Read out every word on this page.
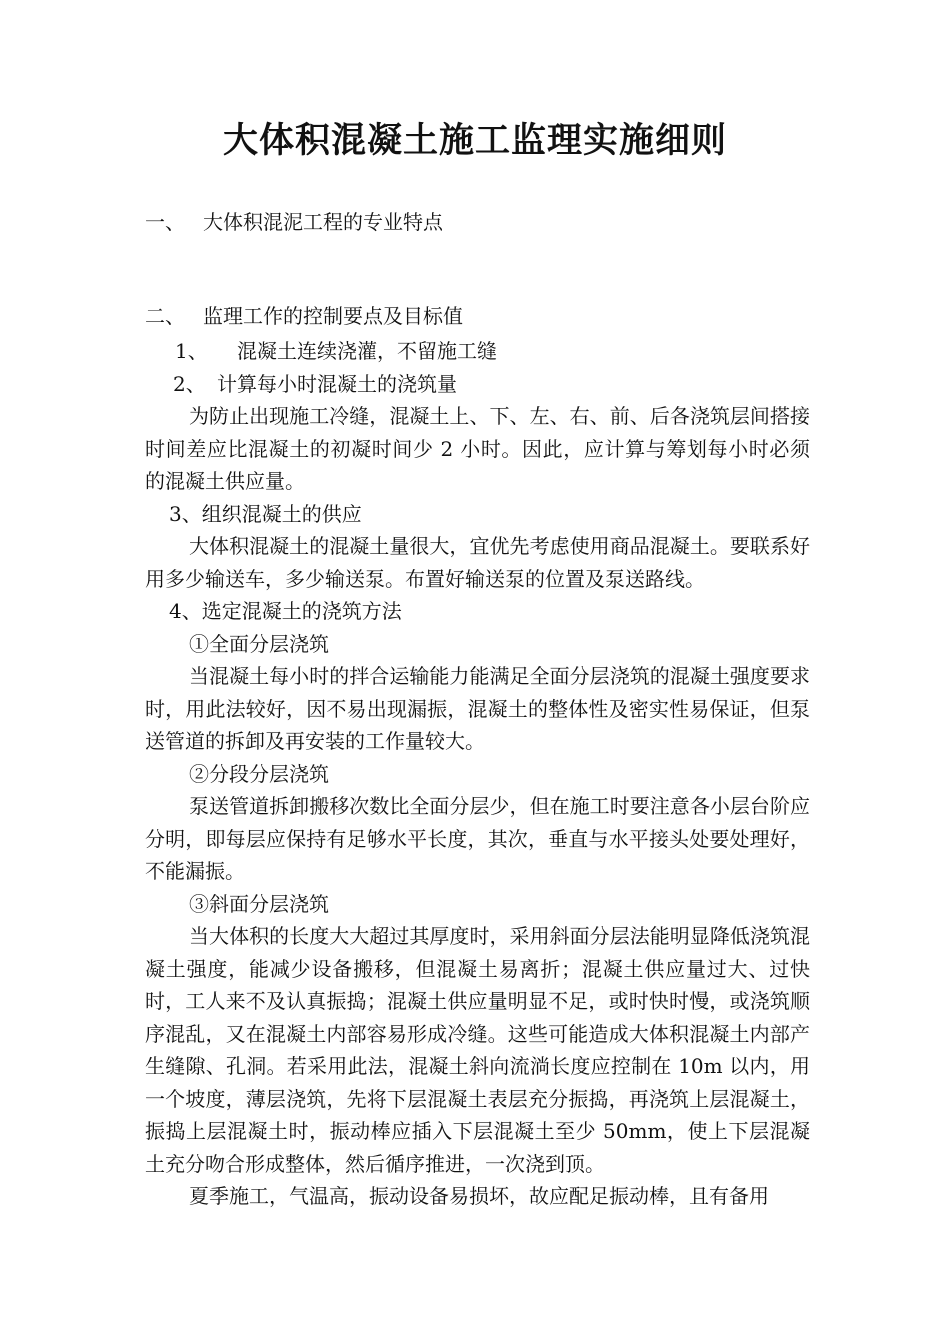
大体积混凝土施工监理实施细则
一、 大体积混泥工程的专业特点
二、 监理工作的控制要点及目标值

1、 混凝土连续浇灌，不留施工缝

2、 计算每小时混凝土的浇筑量

为防止出现施工冷缝，混凝土上、下、左、右、前、后各浇筑层间搭接时间差应比混凝土的初凝时间少 2 小时。因此，应计算与筹划每小时必须的混凝土供应量。

3、组织混凝土的供应

大体积混凝土的混凝土量很大，宜优先考虑使用商品混凝土。要联系好用多少输送车，多少输送泵。布置好输送泵的位置及泵送路线。

4、选定混凝土的浇筑方法

①全面分层浇筑

当混凝土每小时的拌合运输能力能满足全面分层浇筑的混凝土强度要求时，用此法较好，因不易出现漏振，混凝土的整体性及密实性易保证，但泵送管道的拆卸及再安装的工作量较大。

②分段分层浇筑

泵送管道拆卸搬移次数比全面分层少，但在施工时要注意各小层台阶应分明，即每层应保持有足够水平长度，其次，垂直与水平接头处要处理好，不能漏振。

③斜面分层浇筑

当大体积的长度大大超过其厚度时，采用斜面分层法能明显降低浇筑混凝土强度，能减少设备搬移，但混凝土易离折；混凝土供应量过大、过快时，工人来不及认真振捣；混凝土供应量明显不足，或时快时慢，或浇筑顺序混乱，又在混凝土内部容易形成冷缝。这些可能造成大体积混凝土内部产生缝隙、孔洞。若采用此法，混凝土斜向流淌长度应控制在 10m 以内，用一个坡度，薄层浇筑，先将下层混凝土表层充分振捣，再浇筑上层混凝土，振捣上层混凝土时，振动棒应插入下层混凝土至少 50mm，使上下层混凝土充分吻合形成整体，然后循序推进，一次浇到顶。

夏季施工，气温高，振动设备易损坏，故应配足振动棒，且有备用
